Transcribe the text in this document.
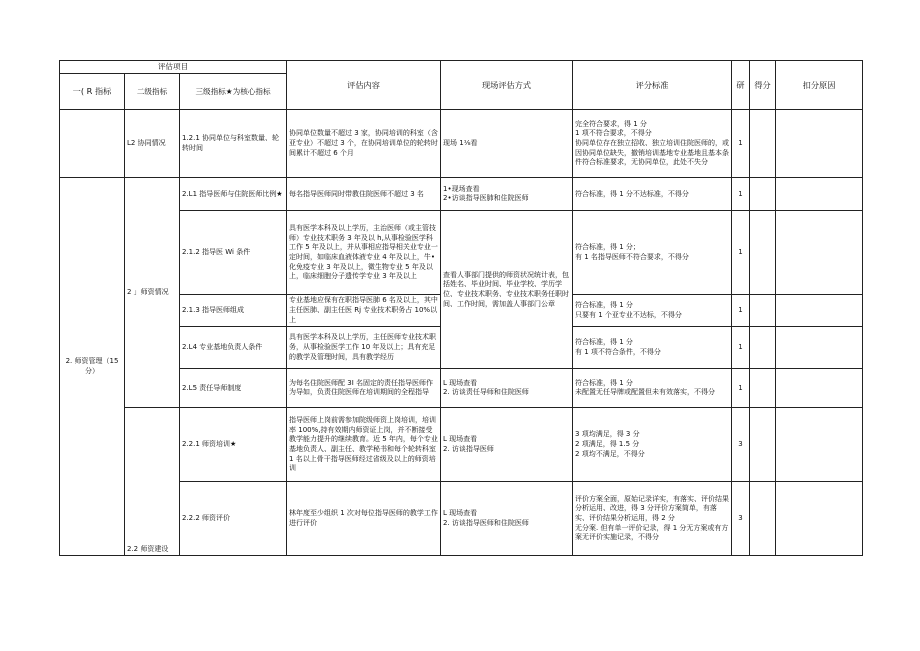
评估项目			评估内容	现场评估方式	评分标准	研	得分	扣分原因
一( R 指标	二级指标	三级指标★为核心指标						
	L2 协同情况	1.2.1 协同单位与科室数量、轮转时间	协同单位数量不超过 3 家，协同培训的科室（含亚专业）不超过 3 个，在协同培训单位的轮转时间累计不超过 6 个月	现场 1⅛看	完全符合要求，得 1 分
1 项不符合要求，不得分
协同单位存在独立招收、独立培训住院医师的，或因协同单位缺失，撤销培训基地专业基地且基本条件符合标准要求，无协同单位，此处不失分	1		
2. 师资管理（15 分）	2 」师资情况	2.L1 指导医师与住院医师比例★	每名指导医师同时带教住院医师不超过 3 名	1•现场查看
2•访谈指导医肺和住院医师	符合标准，得 1 分不达标准，不得分	1		
		2.1.2 指导医 Wi 条件	具有医学本科及以上学历，主治医师（或主管技师）专业技术职务 3 年及以 h,从事检验医学科工作 5 年及以上，并从事相应指导相关业专业一定时间，如临床血液体液专业 4 年及以上，牛•化免疫专业 3 年及以上，微生物专业 5 年及以上，临床细胞分子遗传学专业 3 年及以上	查看人事部门提供的师资状况统计表，包括姓名、毕业时间、毕业学校、学历学位、专业技术职务、专业技术职务任职时间、工作时间，需加盖人事部门公章	符合标准，得 1 分；
有 1 名指导医师不符合要求，不得分	1		
		2.1.3 指导医师组成	专业基地应保有在职指导医肺 6 名及以上，其中主任医肺、副主任医 Rj 专业技术职务占 10%以上		符合标准，得 1 分
只要有 1 个亚专业不达标，不得分	1		
		2.L4 专业基地负责人条件	具有医学本科及以上学历，主任医师专业技术职务，从事检验医学工作 10 年及以上；具有充足的教学及管理时间，具有教学经历		符合标准，得 1 分
有 1 项不符合条件，不得分	1		
		2.L5 责任导师制度	为每名住院医师配 3I 名固定的责任指导医师作为导如，负责住院医师在培训期间的全程指导	L 现场查看
2. 访谈责任导师和住院医师	符合标准，得 1 分
未配置无任导牌或配置但未有效落实，不得分	1		
	2.2 师资建设	2.2.1 师资培训★	指导医师上岗前需参加院级师资上岗培训，培训率 100%,持有效期内师资证上岗，并不断接受教学能力提升的继续教育。近 5 年内，每个专业基地负责人、副主任、教学秘书和每个轮转科室 1 名以上骨干指导医师经过省级及以上的师资培训	L 现场查看
2. 访谈指导医师	3 项均满足，得 3 分
2 项满足，得 1.5 分
2 项均不满足，不得分	3		
		2.2.2 师资评价	林年度至少组织 1 次对每位指导医师的教学工作进行评价	L 现场查看
2. 访谈指导医师和住院医师	评价方案全面，原始记录详实，有落实、评价结果分析运用、改进，得 3 分评价方案简单，有落实、评价结果分析运用，得 2 分
无分案. 但有单一评价记录，得 1 分无方案或有方案无评价实施记录，不得分	3		
